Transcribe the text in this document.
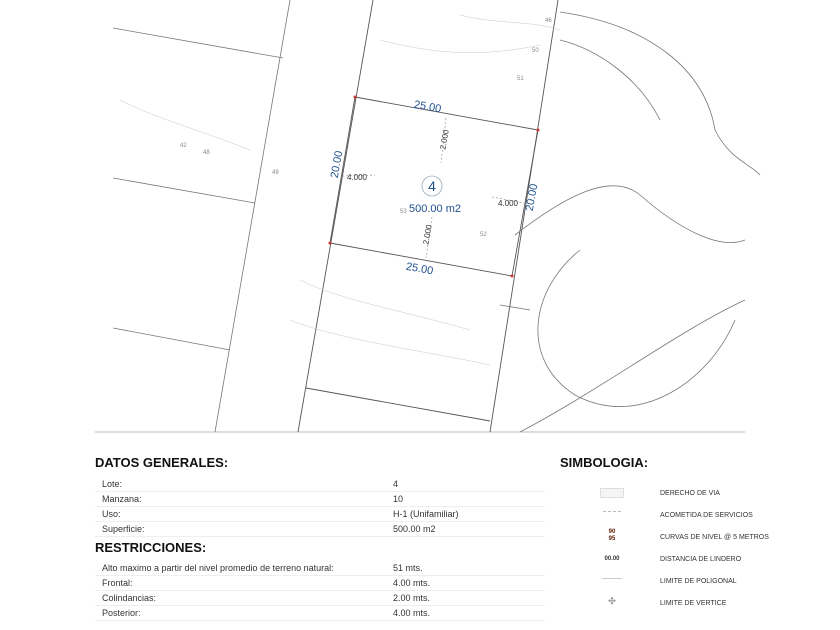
25.00
25.00
20.00
20.00
2.000
2.000
4.000
4.000
4
500.00 m2
42
48
49
46
50
51
52
53
DATOS GENERALES:
Lote:	4
Manzana:	10
Uso:	H-1 (Unifamiliar)
Superficie:	500.00 m2
RESTRICCIONES:
Alto maximo a partir del nivel promedio de terreno natural:	51 mts.
Frontal:	4.00 mts.
Colindancias:	2.00 mts.
Posterior:	4.00 mts.
SIMBOLOGIA:
DERECHO DE VIA
ACOMETIDA DE SERVICIOS
90
95	CURVAS DE NIVEL @ 5 METROS
00.00	DISTANCIA DE LINDERO
LIMITE DE POLIGONAL
✣	LIMITE DE VERTICE
